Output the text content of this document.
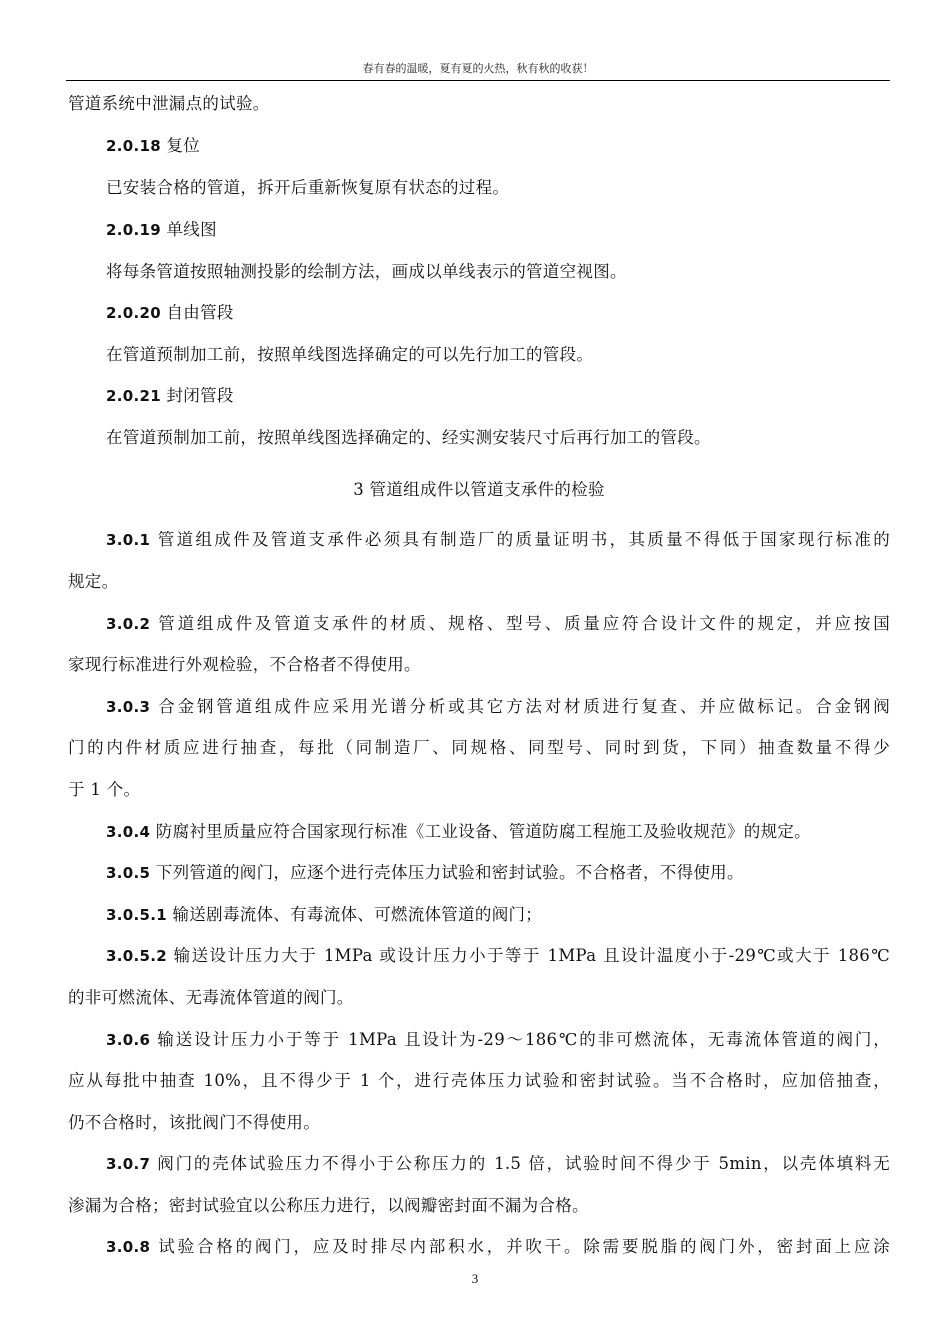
春有春的温暖，夏有夏的火热，秋有秋的收获！
管道系统中泄漏点的试验。
2.0.18 复位
已安装合格的管道，拆开后重新恢复原有状态的过程。
2.0.19 单线图
将每条管道按照轴测投影的绘制方法，画成以单线表示的管道空视图。
2.0.20 自由管段
在管道预制加工前，按照单线图选择确定的可以先行加工的管段。
2.0.21 封闭管段
在管道预制加工前，按照单线图选择确定的、经实测安装尺寸后再行加工的管段。
3 管道组成件以管道支承件的检验
3.0.1 管道组成件及管道支承件必须具有制造厂的质量证明书，其质量不得低于国家现行标准的
规定。
3.0.2 管道组成件及管道支承件的材质、规格、型号、质量应符合设计文件的规定，并应按国
家现行标准进行外观检验，不合格者不得使用。
3.0.3 合金钢管道组成件应采用光谱分析或其它方法对材质进行复查、并应做标记。合金钢阀
门的内件材质应进行抽查，每批（同制造厂、同规格、同型号、同时到货，下同）抽查数量不得少
于 1 个。
3.0.4 防腐衬里质量应符合国家现行标准《工业设备、管道防腐工程施工及验收规范》的规定。
3.0.5 下列管道的阀门，应逐个进行壳体压力试验和密封试验。不合格者，不得使用。
3.0.5.1 输送剧毒流体、有毒流体、可燃流体管道的阀门；
3.0.5.2 输送设计压力大于 1MPa 或设计压力小于等于 1MPa 且设计温度小于-29℃或大于 186℃
的非可燃流体、无毒流体管道的阀门。
3.0.6 输送设计压力小于等于 1MPa 且设计为-29～186℃的非可燃流体，无毒流体管道的阀门，
应从每批中抽查 10%，且不得少于 1 个，进行壳体压力试验和密封试验。当不合格时，应加倍抽查，
仍不合格时，该批阀门不得使用。
3.0.7 阀门的壳体试验压力不得小于公称压力的 1.5 倍，试验时间不得少于 5min，以壳体填料无
渗漏为合格；密封试验宜以公称压力进行，以阀瓣密封面不漏为合格。
3.0.8 试验合格的阀门，应及时排尽内部积水，并吹干。除需要脱脂的阀门外，密封面上应涂
3
